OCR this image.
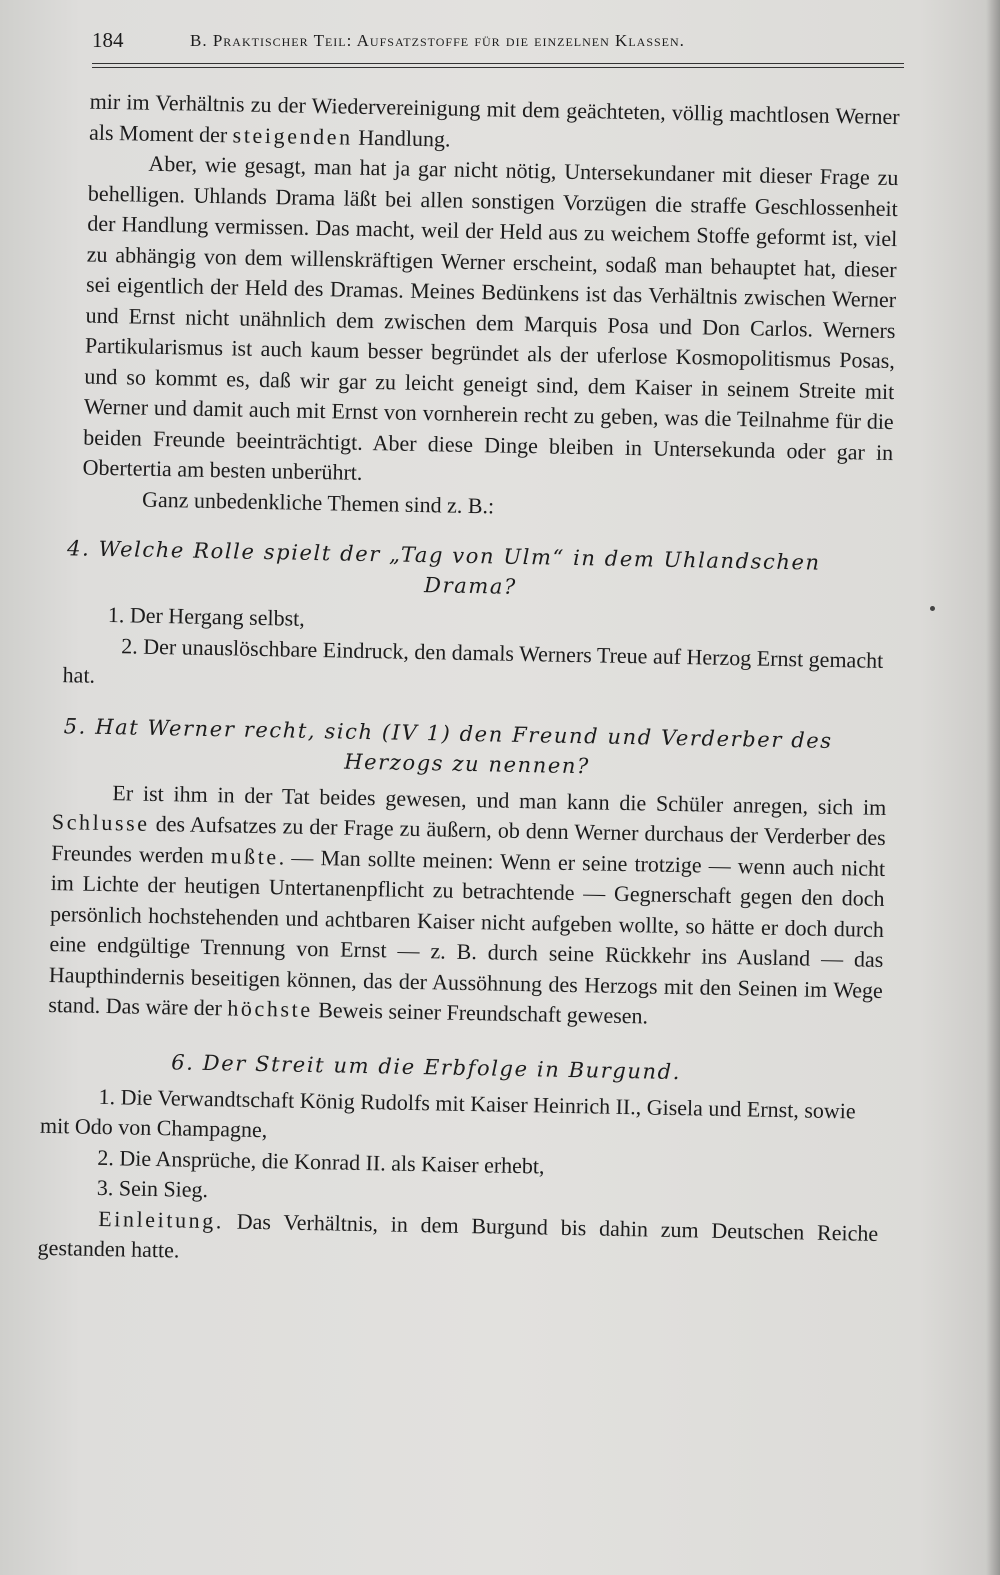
184	B. Praktischer Teil: Aufsatzstoffe für die einzelnen Klassen.

mir im Verhältnis zu der Wiedervereinigung mit dem geächteten, völlig machtlosen Werner als Moment der steigenden Handlung.

Aber, wie gesagt, man hat ja gar nicht nötig, Untersekundaner mit dieser Frage zu behelligen. Uhlands Drama läßt bei allen sonstigen Vorzügen die straffe Geschlossenheit der Handlung vermissen. Das macht, weil der Held aus zu weichem Stoffe geformt ist, viel zu abhängig von dem willenskräftigen Werner erscheint, sodaß man behauptet hat, dieser sei eigentlich der Held des Dramas. Meines Bedünkens ist das Verhältnis zwischen Werner und Ernst nicht unähnlich dem zwischen dem Marquis Posa und Don Carlos. Werners Partikularismus ist auch kaum besser begründet als der uferlose Kosmopolitismus Posas, und so kommt es, daß wir gar zu leicht geneigt sind, dem Kaiser in seinem Streite mit Werner und damit auch mit Ernst von vornherein recht zu geben, was die Teilnahme für die beiden Freunde beeinträchtigt. Aber diese Dinge bleiben in Untersekunda oder gar in Obertertia am besten unberührt.

Ganz unbedenkliche Themen sind z. B.:

4. Welche Rolle spielt der „Tag von Ulm“ in dem Uhlandschen
Drama?
1. Der Hergang selbst,
2. Der unauslöschbare Eindruck, den damals Werners Treue auf Herzog Ernst gemacht hat.
5. Hat Werner recht, sich (IV 1) den Freund und Verderber des
Herzogs zu nennen?

Er ist ihm in der Tat beides gewesen, und man kann die Schüler anregen, sich im Schlusse des Aufsatzes zu der Frage zu äußern, ob denn Werner durchaus der Verderber des Freundes werden mußte. — Man sollte meinen: Wenn er seine trotzige — wenn auch nicht im Lichte der heutigen Untertanenpflicht zu betrachtende — Gegnerschaft gegen den doch persönlich hochstehenden und achtbaren Kaiser nicht aufgeben wollte, so hätte er doch durch eine endgültige Trennung von Ernst — z. B. durch seine Rückkehr ins Ausland — das Haupthindernis beseitigen können, das der Aussöhnung des Herzogs mit den Seinen im Wege stand. Das wäre der höchste Beweis seiner Freundschaft gewesen.

6. Der Streit um die Erbfolge in Burgund.
1. Die Verwandtschaft König Rudolfs mit Kaiser Heinrich II., Gisela und Ernst, sowie mit Odo von Champagne,
2. Die Ansprüche, die Konrad II. als Kaiser erhebt,
3. Sein Sieg.

Einleitung. Das Verhältnis, in dem Burgund bis dahin zum Deutschen Reiche gestanden hatte.
